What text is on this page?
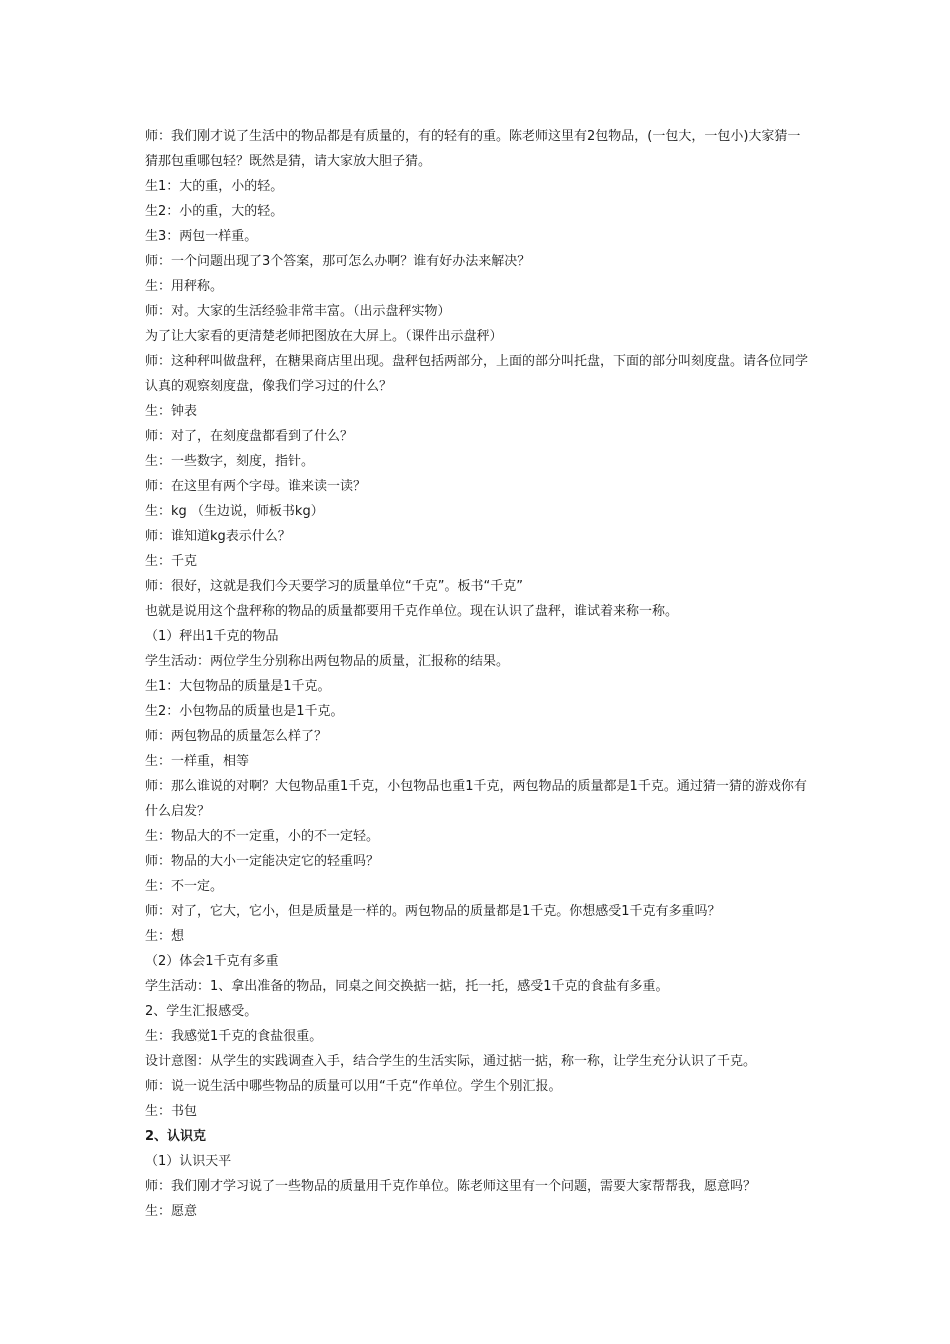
师：我们刚才说了生活中的物品都是有质量的，有的轻有的重。陈老师这里有2包物品，(一包大，一包小)大家猜一猜那包重哪包轻？既然是猜，请大家放大胆子猜。
生1：大的重，小的轻。
生2：小的重，大的轻。
生3：两包一样重。
师：一个问题出现了3个答案，那可怎么办啊？谁有好办法来解决？
生：用秤称。
师：对。大家的生活经验非常丰富。（出示盘秤实物）
为了让大家看的更清楚老师把图放在大屏上。（课件出示盘秤）
师：这种秤叫做盘秤，在糖果商店里出现。盘秤包括两部分，上面的部分叫托盘，下面的部分叫刻度盘。请各位同学认真的观察刻度盘，像我们学习过的什么？
生：钟表
师：对了，在刻度盘都看到了什么？
生：一些数字，刻度，指针。
师：在这里有两个字母。谁来读一读？
生：kg （生边说，师板书kg）
师：谁知道kg表示什么？
生：千克
师：很好，这就是我们今天要学习的质量单位“千克”。板书“千克”
也就是说用这个盘秤称的物品的质量都要用千克作单位。现在认识了盘秤，谁试着来称一称。
（1）秤出1千克的物品
学生活动：两位学生分别称出两包物品的质量，汇报称的结果。
生1：大包物品的质量是1千克。
生2：小包物品的质量也是1千克。
师：两包物品的质量怎么样了？
生：一样重，相等
师：那么谁说的对啊？大包物品重1千克，小包物品也重1千克，两包物品的质量都是1千克。通过猜一猜的游戏你有什么启发？
生：物品大的不一定重，小的不一定轻。
师：物品的大小一定能决定它的轻重吗？
生：不一定。
师：对了，它大，它小，但是质量是一样的。两包物品的质量都是1千克。你想感受1千克有多重吗？
生：想
（2）体会1千克有多重
学生活动：1、拿出准备的物品，同桌之间交换掂一掂，托一托，感受1千克的食盐有多重。
2、学生汇报感受。
生：我感觉1千克的食盐很重。
设计意图：从学生的实践调查入手，结合学生的生活实际，通过掂一掂，称一称，让学生充分认识了千克。
师：说一说生活中哪些物品的质量可以用“千克“作单位。学生个别汇报。
生：书包
2、认识克
（1）认识天平
师：我们刚才学习说了一些物品的质量用千克作单位。陈老师这里有一个问题，需要大家帮帮我，愿意吗？
生：愿意
